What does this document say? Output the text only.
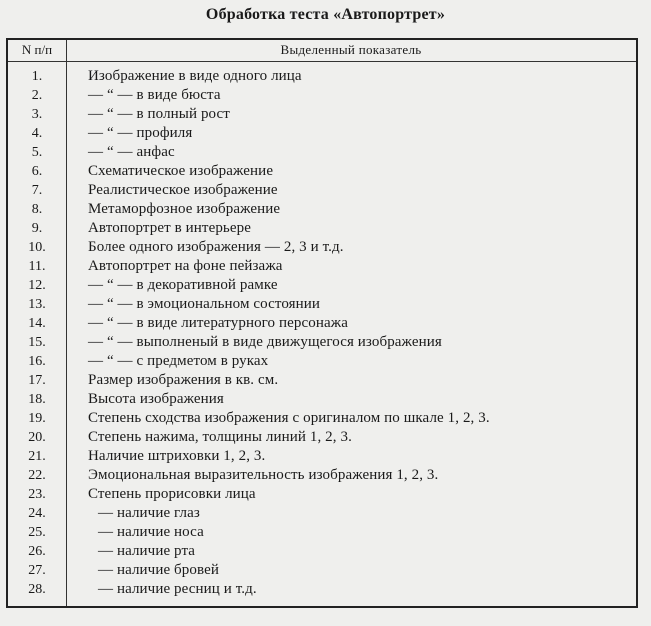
Обработка теста «Автопортрет»
N п/п	Выделенный показатель
1.	Изображение в виде одного лица
2.	— “ — в виде бюста
3.	— “ — в полный рост
4.	— “ — профиля
5.	— “ — анфас
6.	Схематическое изображение
7.	Реалистическое изображение
8.	Метаморфозное изображение
9.	Автопортрет в интерьере
10.	Более одного изображения — 2, 3 и т.д.
11.	Автопортрет на фоне пейзажа
12.	— “ — в декоративной рамке
13.	— “ — в эмоциональном состоянии
14.	— “ — в виде литературного персонажа
15.	— “ — выполненый в виде движущегося изображения
16.	— “ — с предметом в руках
17.	Размер изображения в кв. см.
18.	Высота изображения
19.	Степень сходства изображения с оригиналом по шкале 1, 2, 3.
20.	Степень нажима, толщины линий 1, 2, 3.
21.	Наличие штриховки 1, 2, 3.
22.	Эмоциональная выразительность изображения 1, 2, 3.
23.	Степень прорисовки лица
24.	— наличие глаз
25.	— наличие носа
26.	— наличие рта
27.	— наличие бровей
28.	— наличие ресниц и т.д.
